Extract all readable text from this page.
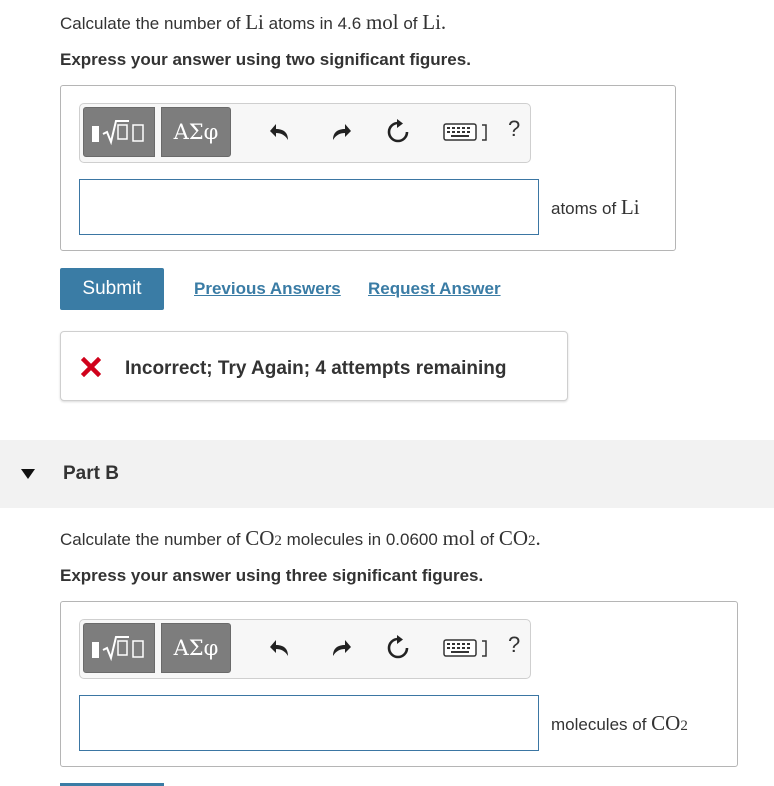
Calculate the number of Li atoms in 4.6 mol of Li.
Express your answer using two significant figures.
ΑΣφ	?
atoms of Li
Submit	Previous Answers Request Answer
Incorrect; Try Again; 4 attempts remaining
Part B
Calculate the number of CO2 molecules in 0.0600 mol of CO2.
Express your answer using three significant figures.
ΑΣφ	?
molecules of CO2
